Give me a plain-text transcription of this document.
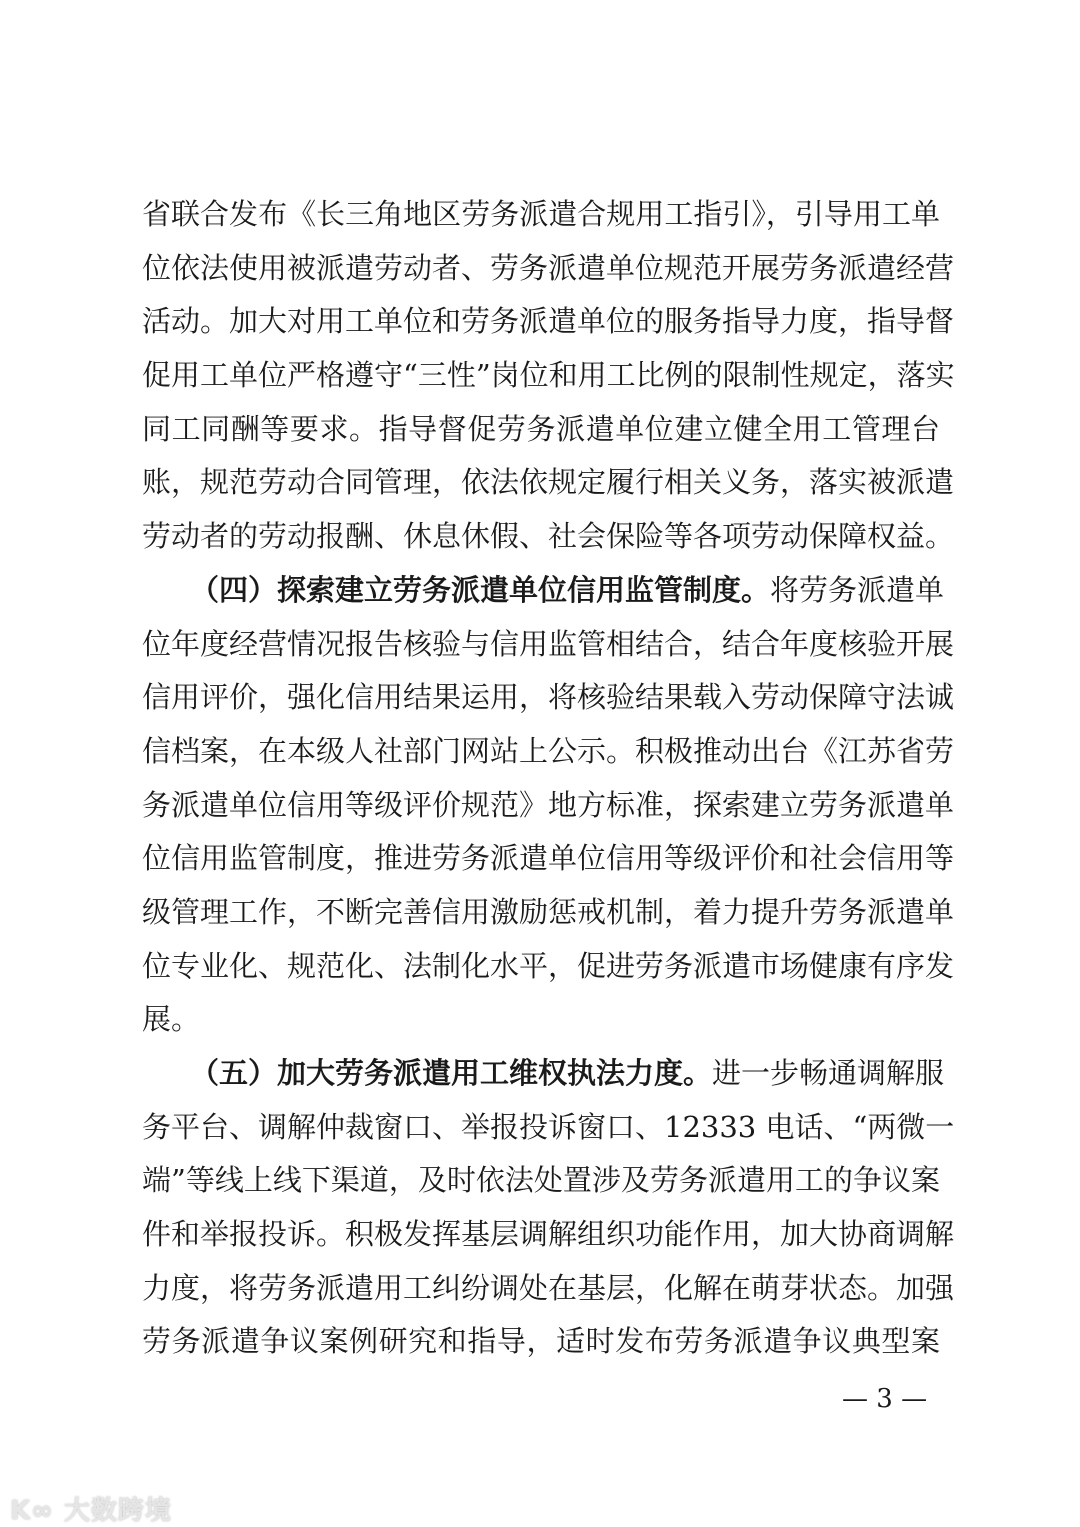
省联合发布《长三角地区劳务派遣合规用工指引》，引导用工单
位依法使用被派遣劳动者、劳务派遣单位规范开展劳务派遣经营
活动。加大对用工单位和劳务派遣单位的服务指导力度，指导督
促用工单位严格遵守“三性”岗位和用工比例的限制性规定，落实
同工同酬等要求。指导督促劳务派遣单位建立健全用工管理台
账，规范劳动合同管理，依法依规定履行相关义务，落实被派遣
劳动者的劳动报酬、休息休假、社会保险等各项劳动保障权益。
（四）探索建立劳务派遣单位信用监管制度。将劳务派遣单
位年度经营情况报告核验与信用监管相结合，结合年度核验开展
信用评价，强化信用结果运用，将核验结果载入劳动保障守法诚
信档案，在本级人社部门网站上公示。积极推动出台《江苏省劳
务派遣单位信用等级评价规范》地方标准，探索建立劳务派遣单
位信用监管制度，推进劳务派遣单位信用等级评价和社会信用等
级管理工作，不断完善信用激励惩戒机制，着力提升劳务派遣单
位专业化、规范化、法制化水平，促进劳务派遣市场健康有序发
展。
（五）加大劳务派遣用工维权执法力度。进一步畅通调解服
务平台、调解仲裁窗口、举报投诉窗口、12333 电话、“两微一
端”等线上线下渠道，及时依法处置涉及劳务派遣用工的争议案
件和举报投诉。积极发挥基层调解组织功能作用，加大协商调解
力度，将劳务派遣用工纠纷调处在基层，化解在萌芽状态。加强
劳务派遣争议案例研究和指导，适时发布劳务派遣争议典型案
— 3 —
K∞ 大数跨境
